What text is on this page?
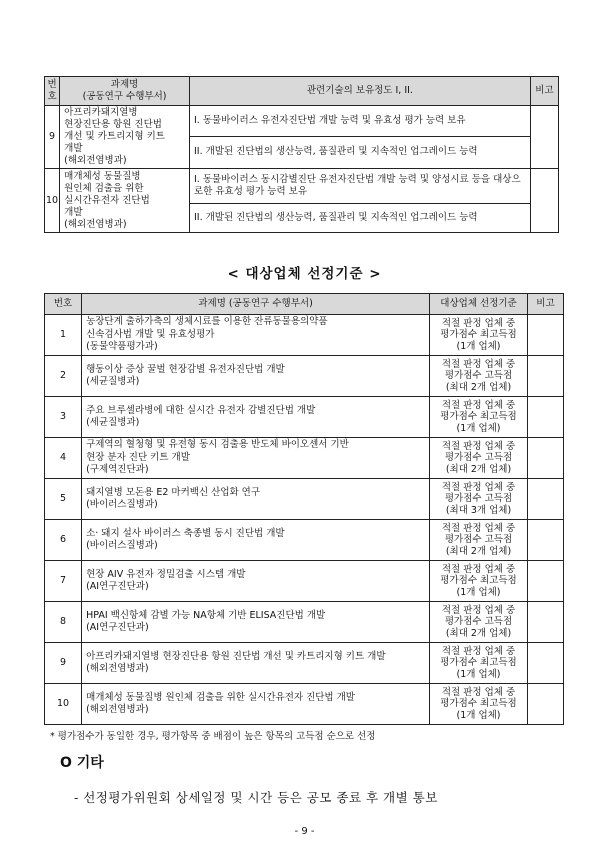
번
호	과제명
(공동연구 수행부서)	관련기술의 보유정도 I, II.	비고
9	아프리카돼지열병
현장진단용 항원 진단법
개선 및 카트리지형 키트
개발
(해외전염병과)	I. 동물바이러스 유전자진단법 개발 능력 및 유효성 평가 능력 보유	
		II. 개발된 진단법의 생산능력, 품질관리 및 지속적인 업그레이드 능력	
10	매개체성 동물질병
원인체 검출을 위한
실시간유전자 진단법
개발
(해외전염병과)	I. 동물바이러스 동시감별진단 유전자진단법 개발 능력 및 양성시료 등을 대상으로한 유효성 평가 능력 보유	
		II. 개발된 진단법의 생산능력, 품질관리 및 지속적인 업그레이드 능력	
< 대상업체 선정기준 >
번호	과제명 (공동연구 수행부서)	대상업체 선정기준	비고
1	농장단계 출하가축의 생체시료를 이용한 잔류동물용의약품
신속검사법 개발 및 유효성평가
(동물약품평가과)	적절 판정 업체 중
평가점수 최고득점
(1개 업체)	
2	행동이상 증상 꿀벌 현장감별 유전자진단법 개발
(세균질병과)	적절 판정 업체 중
평가점수 고득점
(최대 2개 업체)	
3	주요 브루셀라병에 대한 실시간 유전자 감별진단법 개발
(세균질병과)	적절 판정 업체 중
평가점수 최고득점
(1개 업체)	
4	구제역의 혈청형 및 유전형 동시 검출용 반도체 바이오센서 기반
현장 분자 진단 키트 개발
(구제역진단과)	적절 판정 업체 중
평가점수 고득점
(최대 2개 업체)	
5	돼지열병 모돈용 E2 마커백신 산업화 연구
(바이러스질병과)	적절 판정 업체 중
평가점수 고득점
(최대 3개 업체)	
6	소· 돼지 설사 바이러스 축종별 동시 진단법 개발
(바이러스질병과)	적절 판정 업체 중
평가점수 고득점
(최대 2개 업체)	
7	현장 AIV 유전자 정밀검출 시스템 개발
(AI연구진단과)	적절 판정 업체 중
평가점수 최고득점
(1개 업체)	
8	HPAI 백신항체 감별 가능 NA항체 기반 ELISA진단법 개발
(AI연구진단과)	적절 판정 업체 중
평가점수 고득점
(최대 2개 업체)	
9	아프리카돼지열병 현장진단용 항원 진단법 개선 및 카트리지형 키트 개발
(해외전염병과)	적절 판정 업체 중
평가점수 최고득점
(1개 업체)	
10	매개체성 동물질병 원인체 검출을 위한 실시간유전자 진단법 개발
(해외전염병과)	적절 판정 업체 중
평가점수 최고득점
(1개 업체)	
* 평가점수가 동일한 경우, 평가항목 중 배점이 높은 항목의 고득점 순으로 선정
O 기타
- 선정평가위원회 상세일정 및 시간 등은 공모 종료 후 개별 통보
- 9 -
